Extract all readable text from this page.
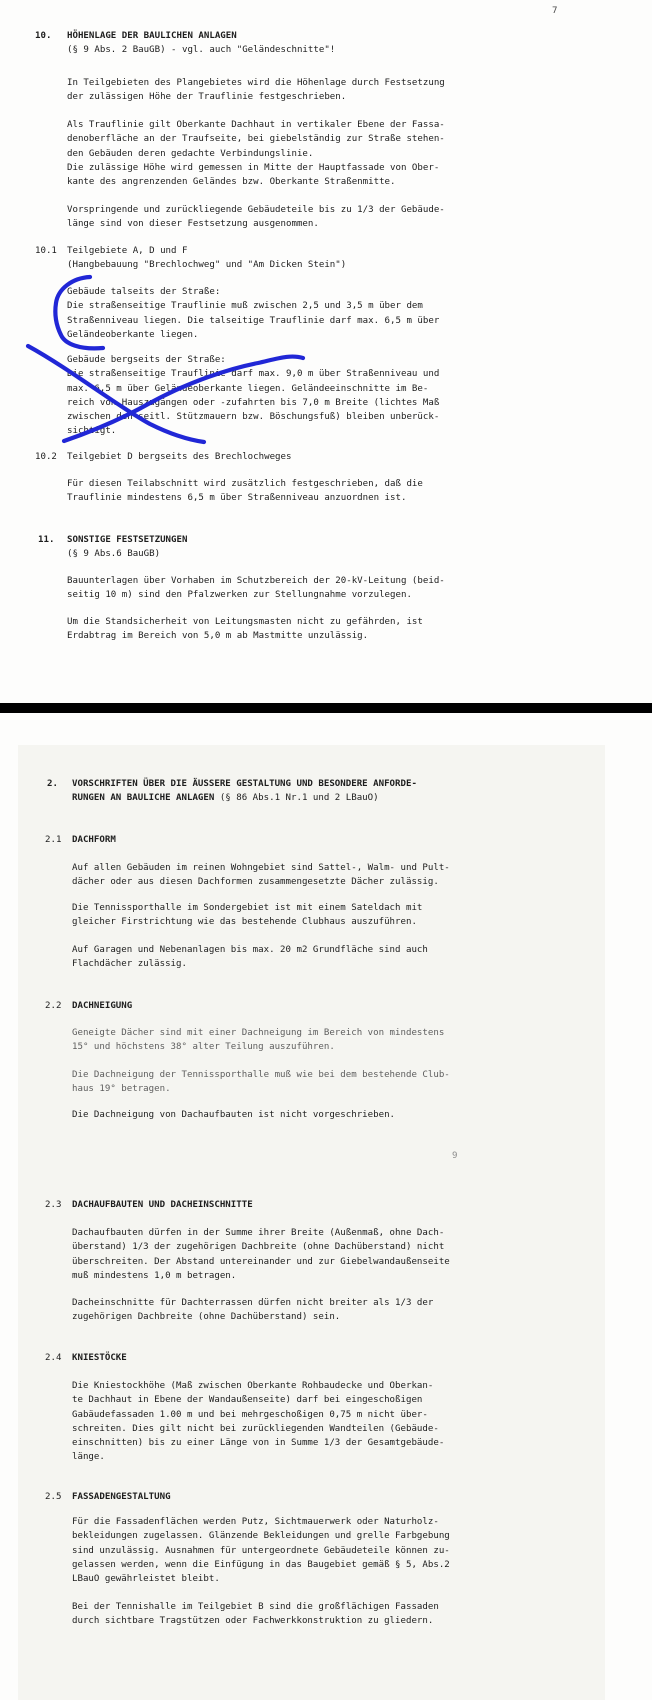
7
10. HÖHENLAGE DER BAULICHEN ANLAGEN
(§ 9 Abs. 2 BauGB) - vgl. auch "Geländeschnitte"!
In Teilgebieten des Plangebietes wird die Höhenlage durch Festsetzung
der zulässigen Höhe der Trauflinie festgeschrieben.
Als Trauflinie gilt Oberkante Dachhaut in vertikaler Ebene der Fassa-
denoberfläche an der Traufseite, bei giebelständig zur Straße stehen-
den Gebäuden deren gedachte Verbindungslinie.
Die zulässige Höhe wird gemessen in Mitte der Hauptfassade von Ober-
kante des angrenzenden Geländes bzw. Oberkante Straßenmitte.
Vorspringende und zurückliegende Gebäudeteile bis zu 1/3 der Gebäude-
länge sind von dieser Festsetzung ausgenommen.
10.1 Teilgebiete A, D und F
(Hangbebauung "Brechlochweg" und "Am Dicken Stein")
Gebäude talseits der Straße:
Die straßenseitige Trauflinie muß zwischen 2,5 und 3,5 m über dem
Straßenniveau liegen. Die talseitige Trauflinie darf max. 6,5 m über
Geländeoberkante liegen.
Gebäude bergseits der Straße:
Die straßenseitige Trauflinie darf max. 9,0 m über Straßenniveau und
max. 6,5 m über Geländeoberkante liegen. Geländeeinschnitte im Be-
reich von Hauszugängen oder -zufahrten bis 7,0 m Breite (lichtes Maß
zwischen den seitl. Stützmauern bzw. Böschungsfuß) bleiben unberück-
sichtigt.
10.2 Teilgebiet D bergseits des Brechlochweges
Für diesen Teilabschnitt wird zusätzlich festgeschrieben, daß die
Trauflinie mindestens 6,5 m über Straßenniveau anzuordnen ist.
11. SONSTIGE FESTSETZUNGEN
(§ 9 Abs.6 BauGB)
Bauunterlagen über Vorhaben im Schutzbereich der 20-kV-Leitung (beid-
seitig 10 m) sind den Pfalzwerken zur Stellungnahme vorzulegen.
Um die Standsicherheit von Leitungsmasten nicht zu gefährden, ist
Erdabtrag im Bereich von 5,0 m ab Mastmitte unzulässig.
2. VORSCHRIFTEN ÜBER DIE ÄUSSERE GESTALTUNG UND BESONDERE ANFORDE-
RUNGEN AN BAULICHE ANLAGEN (§ 86 Abs.1 Nr.1 und 2 LBauO)
2.1 DACHFORM
Auf allen Gebäuden im reinen Wohngebiet sind Sattel-, Walm- und Pult-
dächer oder aus diesen Dachformen zusammengesetzte Dächer zulässig.
Die Tennissporthalle im Sondergebiet ist mit einem Sateldach mit
gleicher Firstrichtung wie das bestehende Clubhaus auszuführen.
Auf Garagen und Nebenanlagen bis max. 20 m2 Grundfläche sind auch
Flachdächer zulässig.
2.2 DACHNEIGUNG
Geneigte Dächer sind mit einer Dachneigung im Bereich von mindestens
15° und höchstens 38° alter Teilung auszuführen.
Die Dachneigung der Tennissporthalle muß wie bei dem bestehende Club-
haus 19° betragen.
Die Dachneigung von Dachaufbauten ist nicht vorgeschrieben.
9
2.3 DACHAUFBAUTEN UND DACHEINSCHNITTE
Dachaufbauten dürfen in der Summe ihrer Breite (Außenmaß, ohne Dach-
überstand) 1/3 der zugehörigen Dachbreite (ohne Dachüberstand) nicht
überschreiten. Der Abstand untereinander und zur Giebelwandaußenseite
muß mindestens 1,0 m betragen.
Dacheinschnitte für Dachterrassen dürfen nicht breiter als 1/3 der
zugehörigen Dachbreite (ohne Dachüberstand) sein.
2.4 KNIESTÖCKE
Die Kniestockhöhe (Maß zwischen Oberkante Rohbaudecke und Oberkan-
te Dachhaut in Ebene der Wandaußenseite) darf bei eingeschoßigen
Gabäudefassaden 1.00 m und bei mehrgeschoßigen 0,75 m nicht über-
schreiten. Dies gilt nicht bei zurückliegenden Wandteilen (Gebäude-
einschnitten) bis zu einer Länge von in Summe 1/3 der Gesamtgebäude-
länge.
2.5 FASSADENGESTALTUNG
Für die Fassadenflächen werden Putz, Sichtmauerwerk oder Naturholz-
bekleidungen zugelassen. Glänzende Bekleidungen und grelle Farbgebung
sind unzulässig. Ausnahmen für untergeordnete Gebäudeteile können zu-
gelassen werden, wenn die Einfügung in das Baugebiet gemäß § 5, Abs.2
LBauO gewährleistet bleibt.
Bei der Tennishalle im Teilgebiet B sind die großflächigen Fassaden
durch sichtbare Tragstützen oder Fachwerkkonstruktion zu gliedern.
